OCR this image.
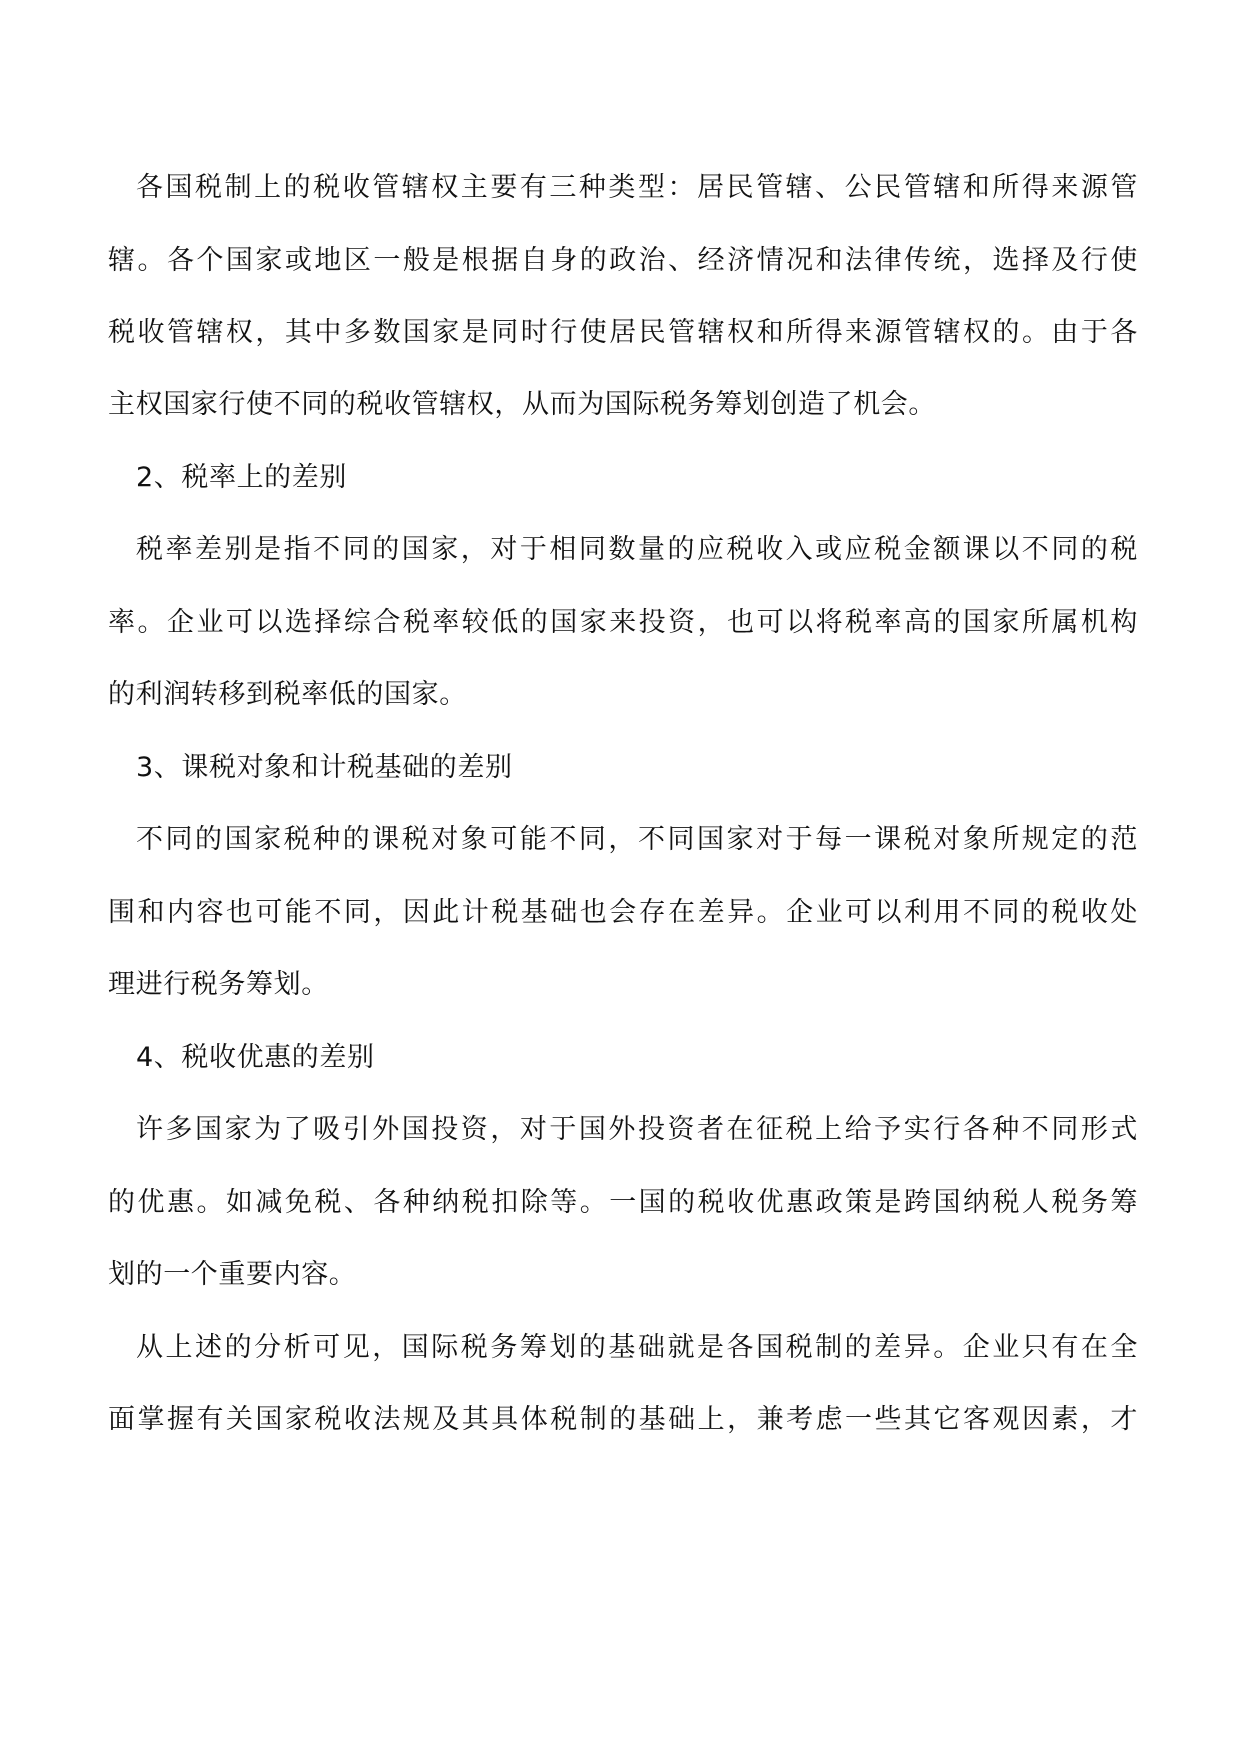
各国税制上的税收管辖权主要有三种类型：居民管辖、公民管辖和所得来源管
辖。各个国家或地区一般是根据自身的政治、经济情况和法律传统，选择及行使
税收管辖权，其中多数国家是同时行使居民管辖权和所得来源管辖权的。由于各
主权国家行使不同的税收管辖权，从而为国际税务筹划创造了机会。
2、税率上的差别
税率差别是指不同的国家，对于相同数量的应税收入或应税金额课以不同的税
率。企业可以选择综合税率较低的国家来投资，也可以将税率高的国家所属机构
的利润转移到税率低的国家。
3、课税对象和计税基础的差别
不同的国家税种的课税对象可能不同，不同国家对于每一课税对象所规定的范
围和内容也可能不同，因此计税基础也会存在差异。企业可以利用不同的税收处
理进行税务筹划。
4、税收优惠的差别
许多国家为了吸引外国投资，对于国外投资者在征税上给予实行各种不同形式
的优惠。如减免税、各种纳税扣除等。一国的税收优惠政策是跨国纳税人税务筹
划的一个重要内容。
从上述的分析可见，国际税务筹划的基础就是各国税制的差异。企业只有在全
面掌握有关国家税收法规及其具体税制的基础上，兼考虑一些其它客观因素，才
